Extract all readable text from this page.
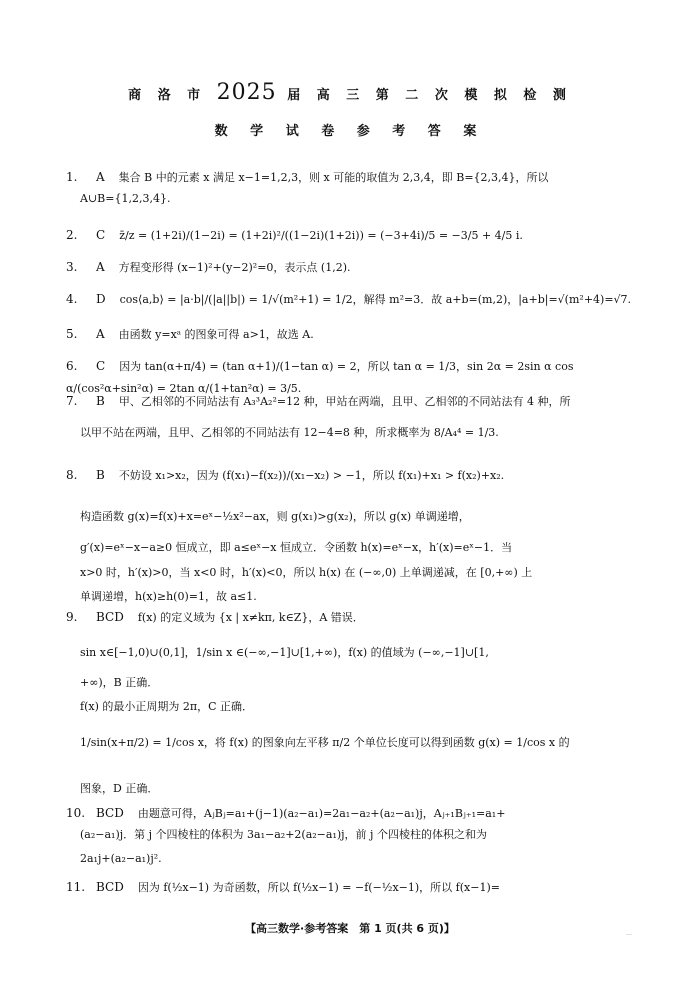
商 洛 市 2025 届 高 三 第 二 次 模 拟 检 测
数 学 试 卷 参 考 答 案
1. A 集合 B 中的元素 x 满足 x−1=1,2,3，则 x 可能的取值为 2,3,4，即 B={2,3,4}，所以
A∪B={1,2,3,4}.
2. C z̄/z = (1+2i)/(1−2i) = (1+2i)²/((1−2i)(1+2i)) = (−3+4i)/5 = −3/5 + 4/5 i.
3. A 方程变形得 (x−1)²+(y−2)²=0，表示点 (1,2).
4. D cos⟨a,b⟩ = |a·b|/(|a||b|) = 1/√(m²+1) = 1/2，解得 m²=3．故 a+b=(m,2)，|a+b|=√(m²+4)=√7.
5. A 由函数 y=xᵃ 的图象可得 a>1，故选 A.
6. C 因为 tan(α+π/4) = (tan α+1)/(1−tan α) = 2，所以 tan α = 1/3，sin 2α = 2sin α cos α/(cos²α+sin²α) = 2tan α/(1+tan²α) = 3/5.
7. B 甲、乙相邻的不同站法有 A₃³A₂²=12 种，甲站在两端，且甲、乙相邻的不同站法有 4 种，所
以甲不站在两端，且甲、乙相邻的不同站法有 12−4=8 种，所求概率为 8/A₄⁴ = 1/3.
8. B 不妨设 x₁>x₂，因为 (f(x₁)−f(x₂))/(x₁−x₂) > −1，所以 f(x₁)+x₁ > f(x₂)+x₂.
构造函数 g(x)=f(x)+x=eˣ−½x²−ax，则 g(x₁)>g(x₂)，所以 g(x) 单调递增，
g′(x)=eˣ−x−a≥0 恒成立，即 a≤eˣ−x 恒成立．令函数 h(x)=eˣ−x，h′(x)=eˣ−1．当
x>0 时，h′(x)>0，当 x<0 时，h′(x)<0，所以 h(x) 在 (−∞,0) 上单调递减，在 [0,+∞) 上
单调递增，h(x)≥h(0)=1，故 a≤1.
9. BCD f(x) 的定义域为 {x | x≠kπ, k∈Z}，A 错误．
sin x∈[−1,0)∪(0,1]，1/sin x ∈(−∞,−1]∪[1,+∞)，f(x) 的值域为 (−∞,−1]∪[1,
+∞)，B 正确．
f(x) 的最小正周期为 2π，C 正确．
1/sin(x+π/2) = 1/cos x，将 f(x) 的图象向左平移 π/2 个单位长度可以得到函数 g(x) = 1/cos x 的
图象，D 正确．
10. BCD 由题意可得，AⱼBⱼ=a₁+(j−1)(a₂−a₁)=2a₁−a₂+(a₂−a₁)j，Aⱼ₊₁Bⱼ₊₁=a₁+
(a₂−a₁)j．第 j 个四棱柱的体积为 3a₁−a₂+2(a₂−a₁)j，前 j 个四棱柱的体积之和为
2a₁j+(a₂−a₁)j².
11. BCD 因为 f(½x−1) 为奇函数，所以 f(½x−1) = −f(−½x−1)，所以 f(x−1)=
【高三数学·参考答案　第 1 页(共 6 页)】	…
